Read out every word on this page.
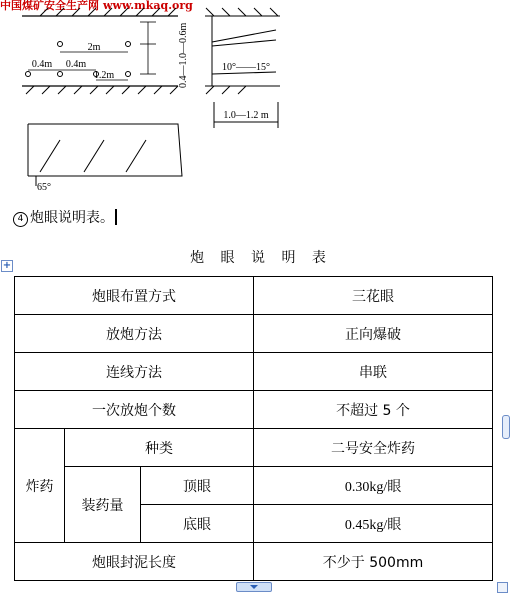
中国煤矿安全生产网 www.mkaq.org
2m
0.4m 0.4m
1.2m	0.4—1.0—0.6m	10°——15°
1.0—1.2 m
65°
4 炮眼说明表。
炮 眼 说 明 表
+
炮眼布置方式			三花眼
放炮方法			正向爆破
连线方法			串联
一次放炮个数			不超过 5 个
炸药	种类		二号安全炸药
	装药量	顶眼	0.30kg/眼
		底眼	0.45kg/眼
炮眼封泥长度			不少于 500mm
